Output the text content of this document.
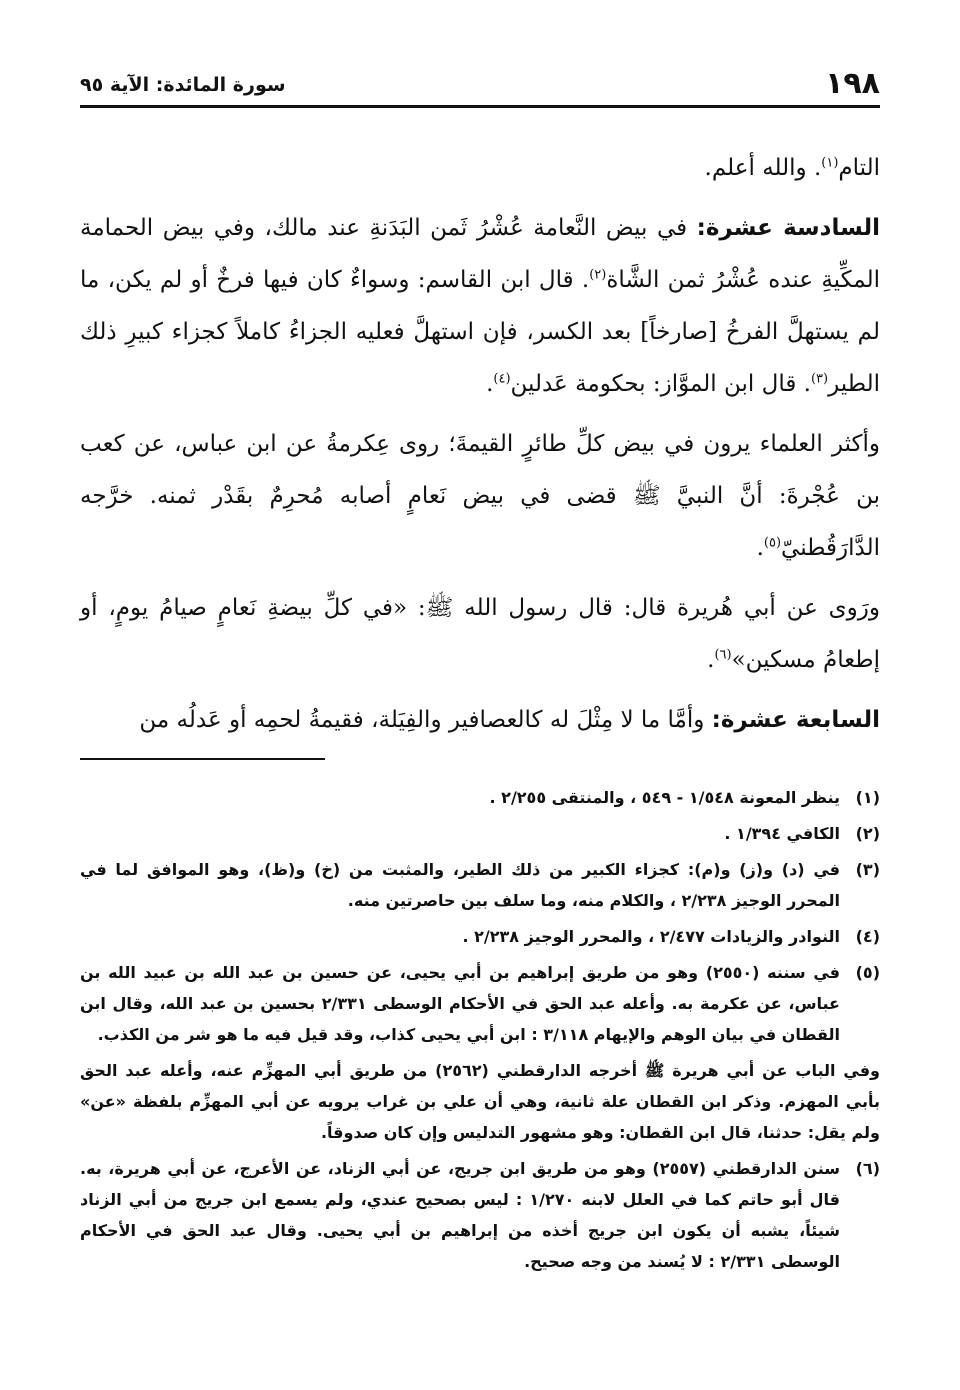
١٩٨
سورة المائدة: الآية ٩٥

التام$^{(١)}$. والله أعلم.

السادسة عشرة: في بيض النَّعامة عُشْرُ ثَمن البَدَنةِ عند مالك، وفي بيض الحمامة المكِّيةِ عنده عُشْرُ ثمن الشَّاة$^{(٢)}$. قال ابن القاسم: وسواءٌ كان فيها فرخٌ أو لم يكن، ما لم يستهلَّ الفرخُ [صارخاً] بعد الكسر، فإن استهلَّ فعليه الجزاءُ كاملاً كجزاء كبيرِ ذلك الطير$^{(٣)}$. قال ابن الموَّاز: بحكومة عَدلين$^{(٤)}$.

وأكثر العلماء يرون في بيض كلِّ طائرٍ القيمةَ؛ روى عِكرمةُ عن ابن عباس، عن كعب بن عُجْرةَ: أنَّ النبيَّ ﷺ قضى في بيض نَعامٍ أصابه مُحرِمٌ بقَدْر ثمنه. خرَّجه الدَّارَقُطنيّ$^{(٥)}$.

ورَوى عن أبي هُريرة قال: قال رسول الله ﷺ: «في كلِّ بيضةِ نَعامٍ صيامُ يومٍ، أو إطعامُ مسكين»$^{(٦)}$.

السابعة عشرة: وأمَّا ما لا مِثْلَ له كالعصافير والفِيَلة، فقيمةُ لحمِه أو عَدلُه من

(١)
ينظر المعونة ١/٥٤٨ - ٥٤٩ ، والمنتقى ٢/٢٥٥ .
(٢)
الكافي ١/٣٩٤ .
(٣)
في (د) و(ز) و(م): كجزاء الكبير من ذلك الطير، والمثبت من (خ) و(ظ)، وهو الموافق لما في المحرر الوجيز ٢/٢٣٨ ، والكلام منه، وما سلف بين حاصرتين منه.
(٤)
النوادر والزيادات ٢/٤٧٧ ، والمحرر الوجيز ٢/٢٣٨ .
(٥)
في سننه (٢٥٥٠) وهو من طريق إبراهيم بن أبي يحيى، عن حسين بن عبد الله بن عبيد الله بن عباس، عن عكرمة به. وأعله عبد الحق في الأحكام الوسطى ٢/٣٣١ بحسين بن عبد الله، وقال ابن القطان في بيان الوهم والإيهام ٣/١١٨ : ابن أبي يحيى كذاب، وقد قيل فيه ما هو شر من الكذب.
وفي الباب عن أبي هريرة ﷺ أخرجه الدارقطني (٢٥٦٢) من طريق أبي المهزِّم عنه، وأعله عبد الحق بأبي المهزم. وذكر ابن القطان علة ثانية، وهي أن علي بن غراب يرويه عن أبي المهزِّم بلفظة «عن» ولم يقل: حدثنا، قال ابن القطان: وهو مشهور التدليس وإن كان صدوقاً.
(٦)
سنن الدارقطني (٢٥٥٧) وهو من طريق ابن جريج، عن أبي الزناد، عن الأعرج، عن أبي هريرة، به. قال أبو حاتم كما في العلل لابنه ١/٢٧٠ : ليس بصحيح عندي، ولم يسمع ابن جريج من أبي الزناد شيئاً، يشبه أن يكون ابن جريج أخذه من إبراهيم بن أبي يحيى. وقال عبد الحق في الأحكام الوسطى ٢/٣٣١ : لا يُسند من وجه صحيح.
